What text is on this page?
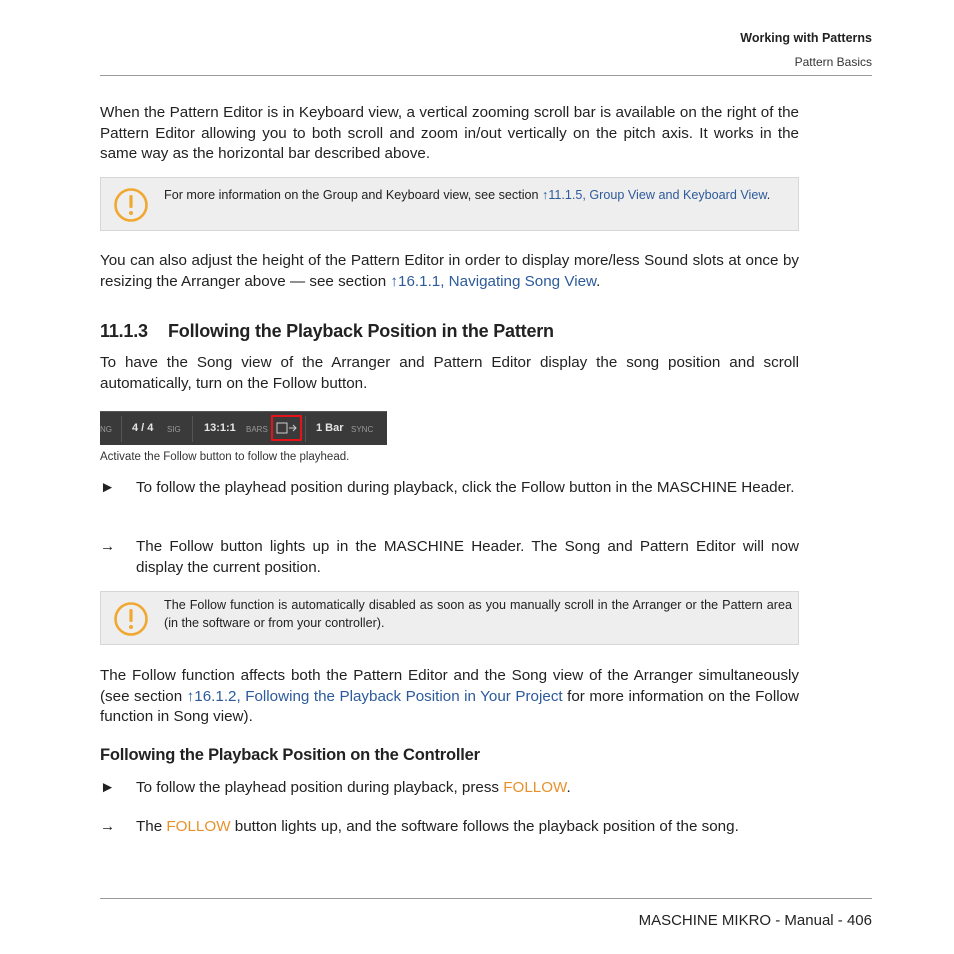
Working with Patterns
Pattern Basics
When the Pattern Editor is in Keyboard view, a vertical zooming scroll bar is available on the right of the Pattern Editor allowing you to both scroll and zoom in/out vertically on the pitch axis. It works in the same way as the horizontal bar described above.
For more information on the Group and Keyboard view, see section ↑11.1.5, Group View and Keyboard View.
You can also adjust the height of the Pattern Editor in order to display more/less Sound slots at once by resizing the Arranger above — see section ↑16.1.1, Navigating Song View.
11.1.3 Following the Playback Position in the Pattern
To have the Song view of the Arranger and Pattern Editor display the song position and scroll automatically, turn on the Follow button.
NG 4 / 4 SIG 13:1:1 BARS	1 Bar SYNC
Activate the Follow button to follow the playhead.
►	To follow the playhead position during playback, click the Follow button in the MASCHINE Header.
→	The Follow button lights up in the MASCHINE Header. The Song and Pattern Editor will now display the current position.
The Follow function is automatically disabled as soon as you manually scroll in the Arranger or the Pattern area (in the software or from your controller).
The Follow function affects both the Pattern Editor and the Song view of the Arranger simultaneously (see section ↑16.1.2, Following the Playback Position in Your Project for more information on the Follow function in Song view).
Following the Playback Position on the Controller
►	To follow the playhead position during playback, press FOLLOW.
→	The FOLLOW button lights up, and the software follows the playback position of the song.
MASCHINE MIKRO - Manual - 406
